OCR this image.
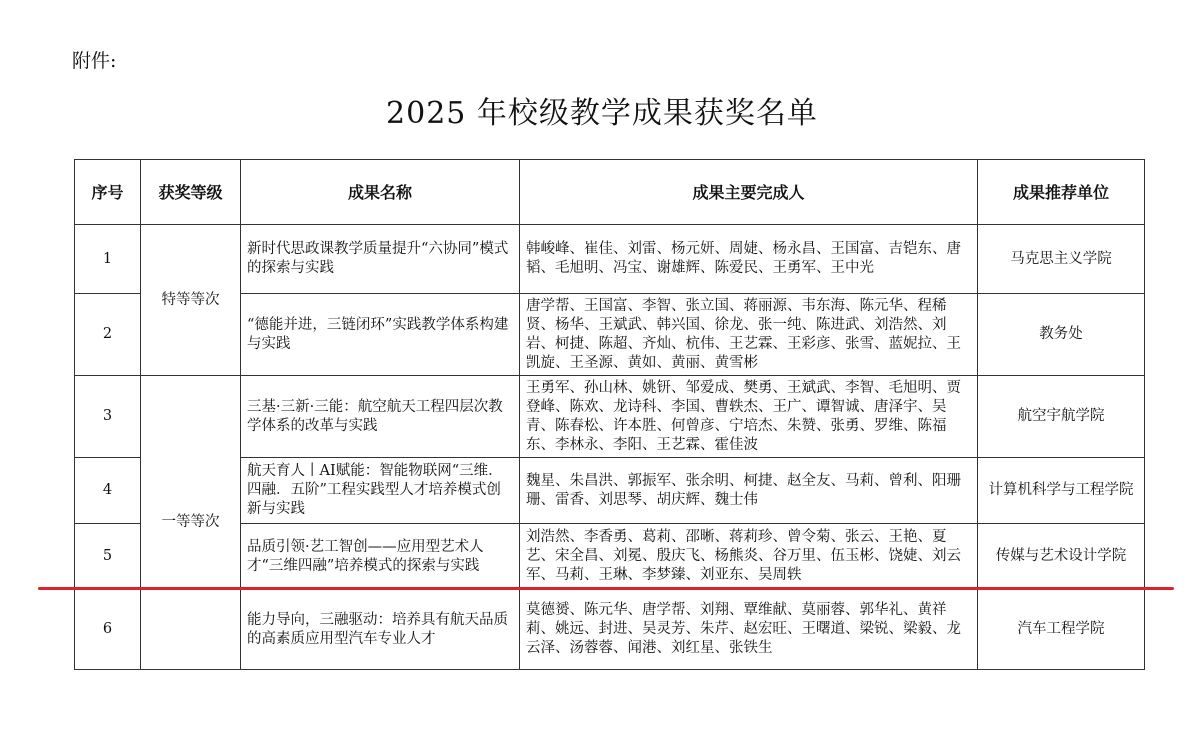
附件:
2025 年校级教学成果获奖名单
序号	获奖等级	成果名称	成果主要完成人	成果推荐单位
1	特等等次	新时代思政课教学质量提升“六协同”模式的探索与实践	韩峻峰、崔佳、刘雷、杨元妍、周婕、杨永昌、王国富、吉铠东、唐韬、毛旭明、冯宝、谢雄辉、陈爱民、王勇军、王中光	马克思主义学院
2		“德能并进，三链闭环”实践教学体系构建与实践	唐学帮、王国富、李智、张立国、蒋丽源、韦东海、陈元华、程稀贤、杨华、王斌武、韩兴国、徐龙、张一纯、陈进武、刘浩然、刘岩、柯捷、陈超、齐灿、杭伟、王艺霖、王彩彦、张雪、蓝妮拉、王凯旋、王圣源、黄如、黄丽、黄雪彬	教务处
3	一等等次	三基·三新·三能：航空航天工程四层次教学体系的改革与实践	王勇军、孙山林、姚钘、邹爱成、樊勇、王斌武、李智、毛旭明、贾登峰、陈欢、龙诗科、李国、曹轶杰、王广、谭智诚、唐泽宇、吴青、陈春松、许本胜、何曾彦、宁培杰、朱赞、张勇、罗维、陈福东、李林永、李阳、王艺霖、霍佳波	航空宇航学院
4		航天育人丨AI赋能：智能物联网“三维．四融．五阶”工程实践型人才培养模式创新与实践	魏星、朱昌洪、郭振军、张余明、柯捷、赵全友、马莉、曾利、阳珊珊、雷香、刘思琴、胡庆辉、魏士伟	计算机科学与工程学院
5		品质引领·艺工智创——应用型艺术人才“三维四融”培养模式的探索与实践	刘浩然、李香勇、葛莉、邵晰、蒋莉珍、曾令菊、张云、王艳、夏艺、宋全昌、刘冕、殷庆飞、杨熊炎、谷万里、伍玉彬、饶婕、刘云军、马莉、王琳、李梦臻、刘亚东、吴周轶	传媒与艺术设计学院
6		能力导向，三融驱动：培养具有航天品质的高素质应用型汽车专业人才	莫德赟、陈元华、唐学帮、刘翔、覃维献、莫丽蓉、郭华礼、黄祥莉、姚远、封进、吴灵芳、朱芹、赵宏旺、王曙道、梁锐、梁毅、龙云泽、汤蓉蓉、闻港、刘红星、张铁生	汽车工程学院
